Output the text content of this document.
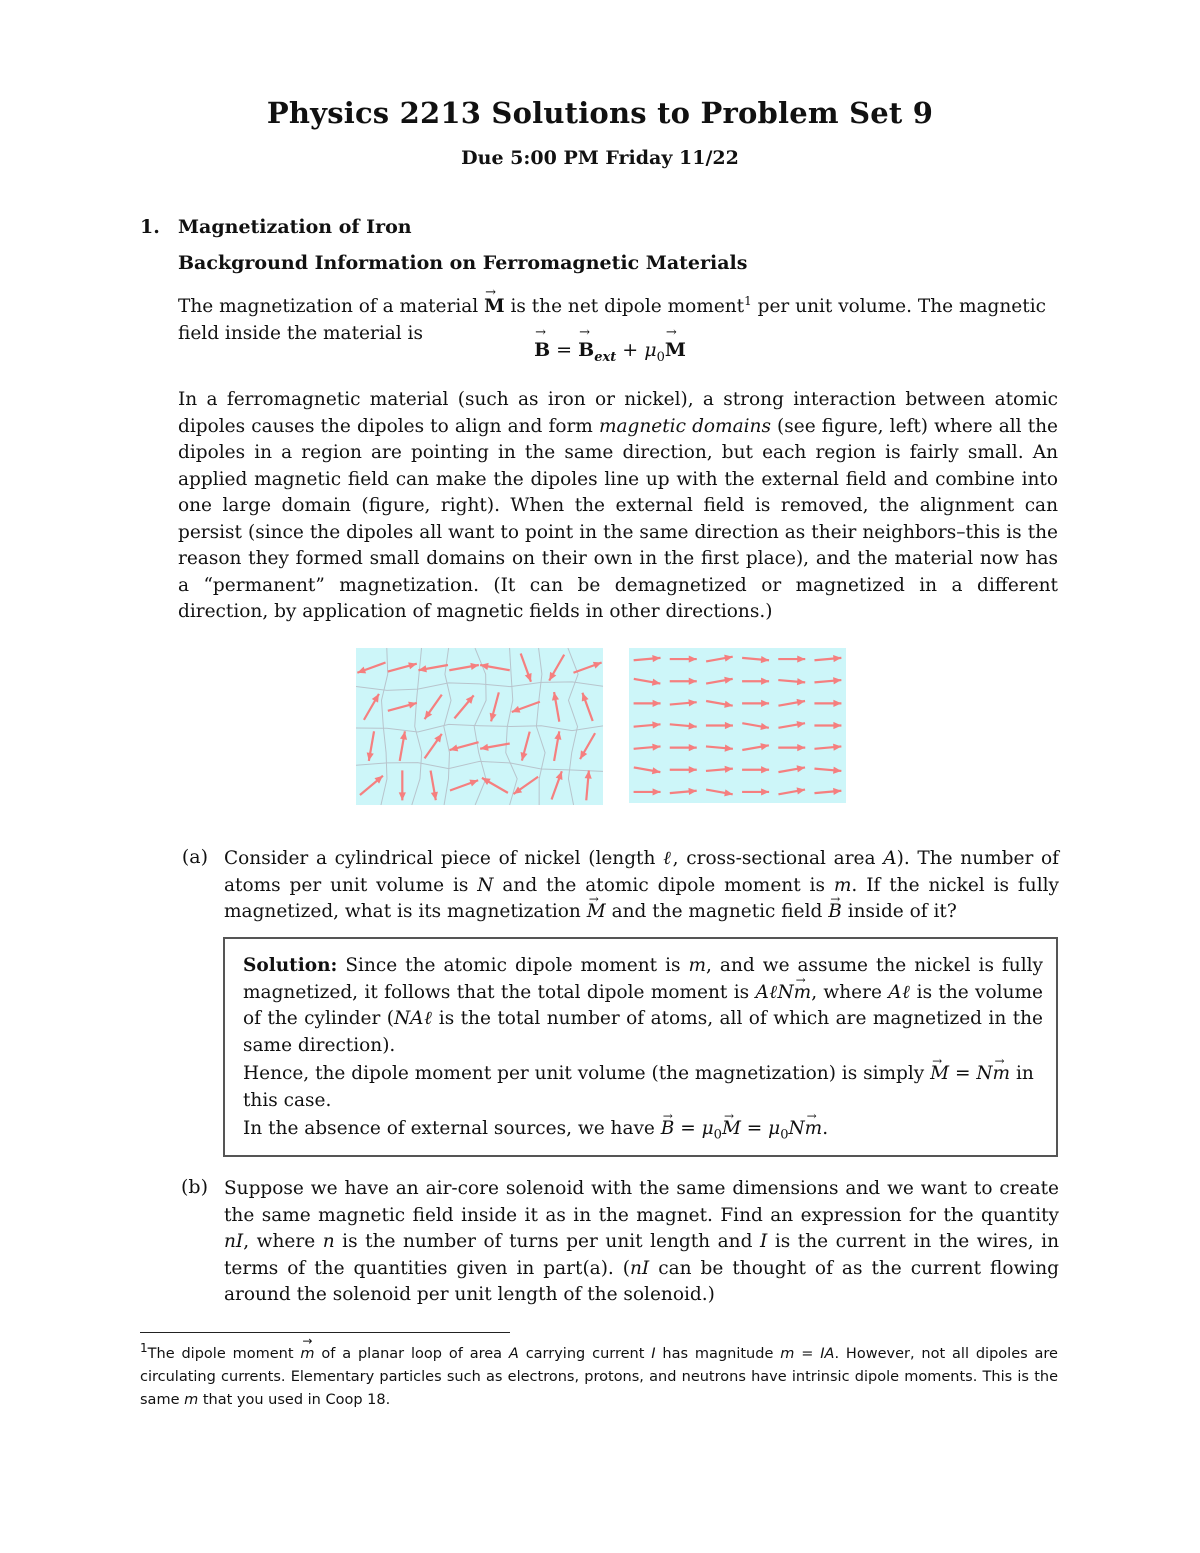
Physics 2213 Solutions to Problem Set 9
Due 5:00 PM Friday 11/22
1. Magnetization of Iron
Background Information on Ferromagnetic Materials
The magnetization of a material → M is the net dipole moment$^1$ per unit volume. The magnetic
field inside the material is
→ B = → $B_{ext} + \mu_0\to M$
In a ferromagnetic material (such as iron or nickel), a strong interaction between atomic dipoles causes the dipoles to align and form magnetic domains (see figure, left) where all the dipoles in a region are pointing in the same direction, but each region is fairly small. An applied magnetic field can make the dipoles line up with the external field and combine into one large domain (figure, right). When the external field is removed, the alignment can persist (since the dipoles all want to point in the same direction as their neighbors–this is the reason they formed small domains on their own in the first place), and the material now has a “permanent” magnetization. (It can be demagnetized or magnetized in a different direction, by application of magnetic fields in other directions.)
(a) Consider a cylindrical piece of nickel (length ℓ, cross-sectional area A). The number of atoms per unit volume is N and the atomic dipole moment is m. If the nickel is fully magnetized, what is its magnetization → M and the magnetic field → B inside of it?
Solution: Since the atomic dipole moment is m, and we assume the nickel is fully magnetized, it follows that the total dipole moment is AℓN→ m, where Aℓ is the volume of the cylinder (NAℓ is the total number of atoms, all of which are magnetized in the same direction).
Hence, the dipole moment per unit volume (the magnetization) is simply → M = N→ m in this case.
In the absence of external sources, we have → $B = \mu_0\to M = \mu_0N\to m$.
(b) Suppose we have an air-core solenoid with the same dimensions and we want to create the same magnetic field inside it as in the magnet. Find an expression for the quantity nI, where n is the number of turns per unit length and I is the current in the wires, in terms of the quantities given in part(a). (nI can be thought of as the current flowing around the solenoid per unit length of the solenoid.)
$^1$The dipole moment → m of a planar loop of area A carrying current I has magnitude m = IA. However, not all dipoles are circulating currents. Elementary particles such as electrons, protons, and neutrons have intrinsic dipole moments. This is the same m that you used in Coop 18.
